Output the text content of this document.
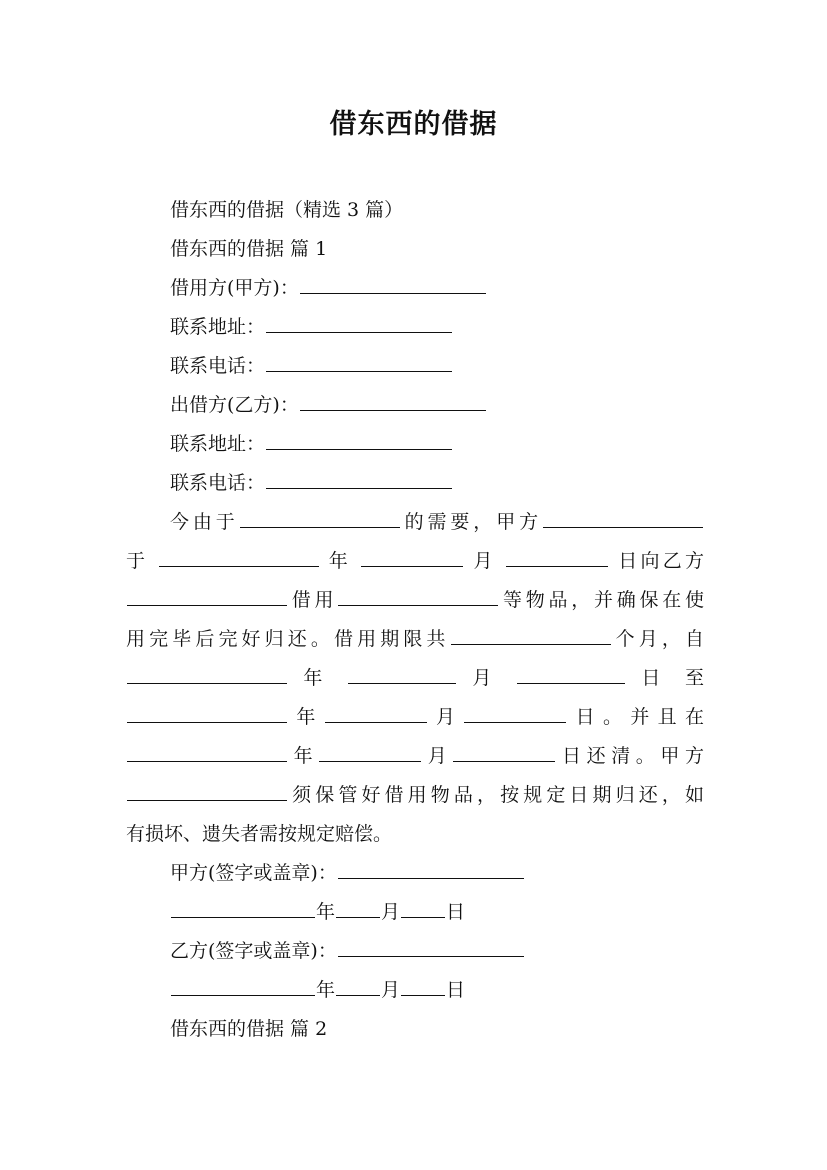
借东西的借据
借东西的借据（精选 3 篇）
借东西的借据 篇 1
借用方(甲方)：
联系地址：
联系电话：
出借方(乙方)：
联系地址：
联系电话：
今由于	的需要，甲方
于	年	月	日向乙方
借用	等物品，并确保在使
用完毕后完好归还。借用期限共	个月，自
年	月	日 至
年	月	日。并且在
年	月	日还清。甲方
须保管好借用物品，按规定日期归还，如
有损坏、遗失者需按规定赔偿。
甲方(签字或盖章)：
年 月 日
乙方(签字或盖章)：
年 月 日
借东西的借据 篇 2
